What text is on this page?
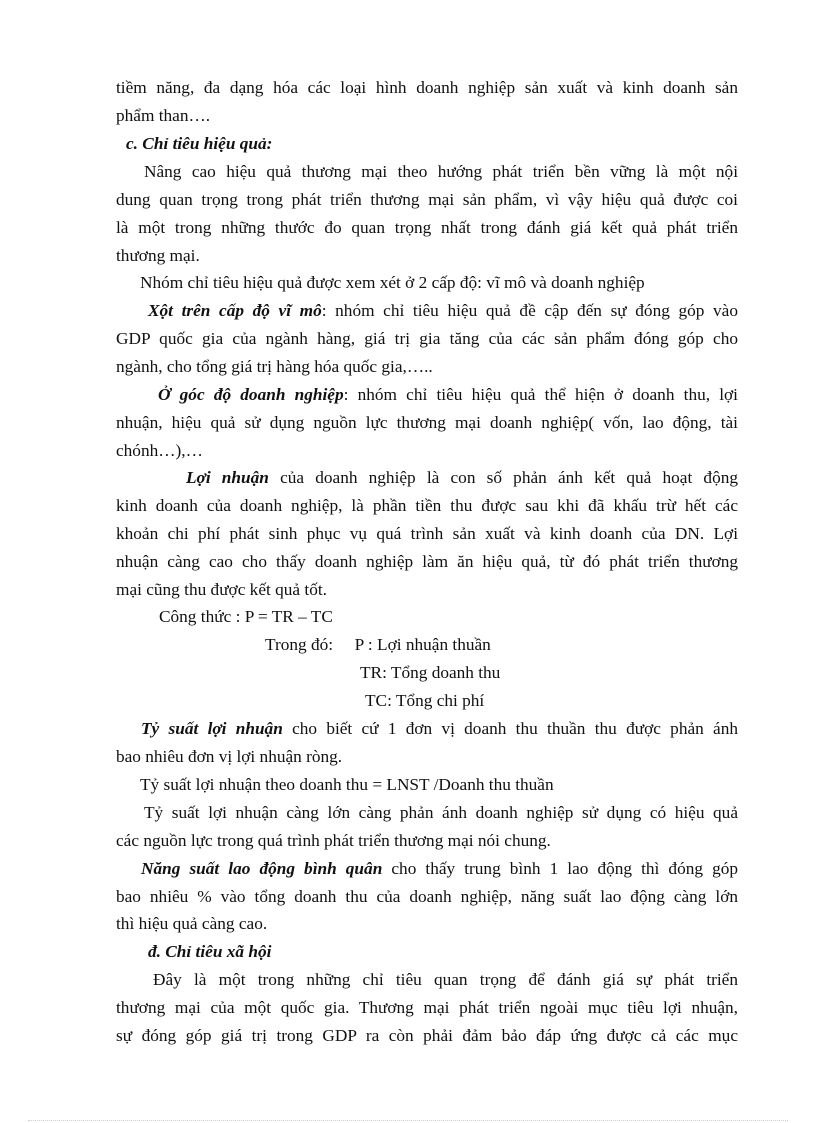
tiềm năng, đa dạng hóa các loại hình doanh nghiệp sản xuất và kinh doanh sản
phẩm than….
c. Chỉ tiêu hiệu quả:
Nâng cao hiệu quả thương mại theo hướng phát triển bền vững là một nội
dung quan trọng trong phát triển thương mại sản phẩm, vì vậy hiệu quả được coi
là một trong những thước đo quan trọng nhất trong đánh giá kết quả phát triển
thương mại.
Nhóm chỉ tiêu hiệu quả được xem xét ở 2 cấp độ: vĩ mô và doanh nghiệp
Xột trên cấp độ vĩ mô: nhóm chỉ tiêu hiệu quả đề cập đến sự đóng góp vào
GDP quốc gia của ngành hàng, giá trị gia tăng của các sản phẩm đóng góp cho
ngành, cho tổng giá trị hàng hóa quốc gia,…..
Ở góc độ doanh nghiệp: nhóm chỉ tiêu hiệu quả thể hiện ở doanh thu, lợi
nhuận, hiệu quả sử dụng nguồn lực thương mại doanh nghiệp( vốn, lao động, tài
chónh…),…
Lợi nhuận của doanh nghiệp là con số phản ánh kết quả hoạt động
kinh doanh của doanh nghiệp, là phần tiền thu được sau khi đã khấu trừ hết các
khoản chi phí phát sinh phục vụ quá trình sản xuất và kinh doanh của DN. Lợi
nhuận càng cao cho thấy doanh nghiệp làm ăn hiệu quả, từ đó phát triển thương
mại cũng thu được kết quả tốt.
Công thức : P = TR – TC
Trong đó:     P : Lợi nhuận thuần
TR: Tổng doanh thu
TC: Tổng chi phí
Tỷ suất lợi nhuận cho biết cứ 1 đơn vị doanh thu thuần thu được phản ánh
bao nhiêu đơn vị lợi nhuận ròng.
Tỷ suất lợi nhuận theo doanh thu = LNST /Doanh thu thuần
Tỷ suất lợi nhuận càng lớn càng phản ánh doanh nghiệp sử dụng có hiệu quả
các nguồn lực trong quá trình phát triển thương mại nói chung.
Năng suất lao động bình quân cho thấy trung bình 1 lao động thì đóng góp
bao nhiêu % vào tổng doanh thu của doanh nghiệp, năng suất lao động càng lớn
thì hiệu quả càng cao.
đ. Chỉ tiêu xã hội
Đây là một trong những chỉ tiêu quan trọng để đánh giá sự phát triển
thương mại của một quốc gia. Thương mại phát triển ngoài mục tiêu lợi nhuận,
sự đóng góp giá trị trong GDP ra còn phải đảm bảo đáp ứng được cả các mục
